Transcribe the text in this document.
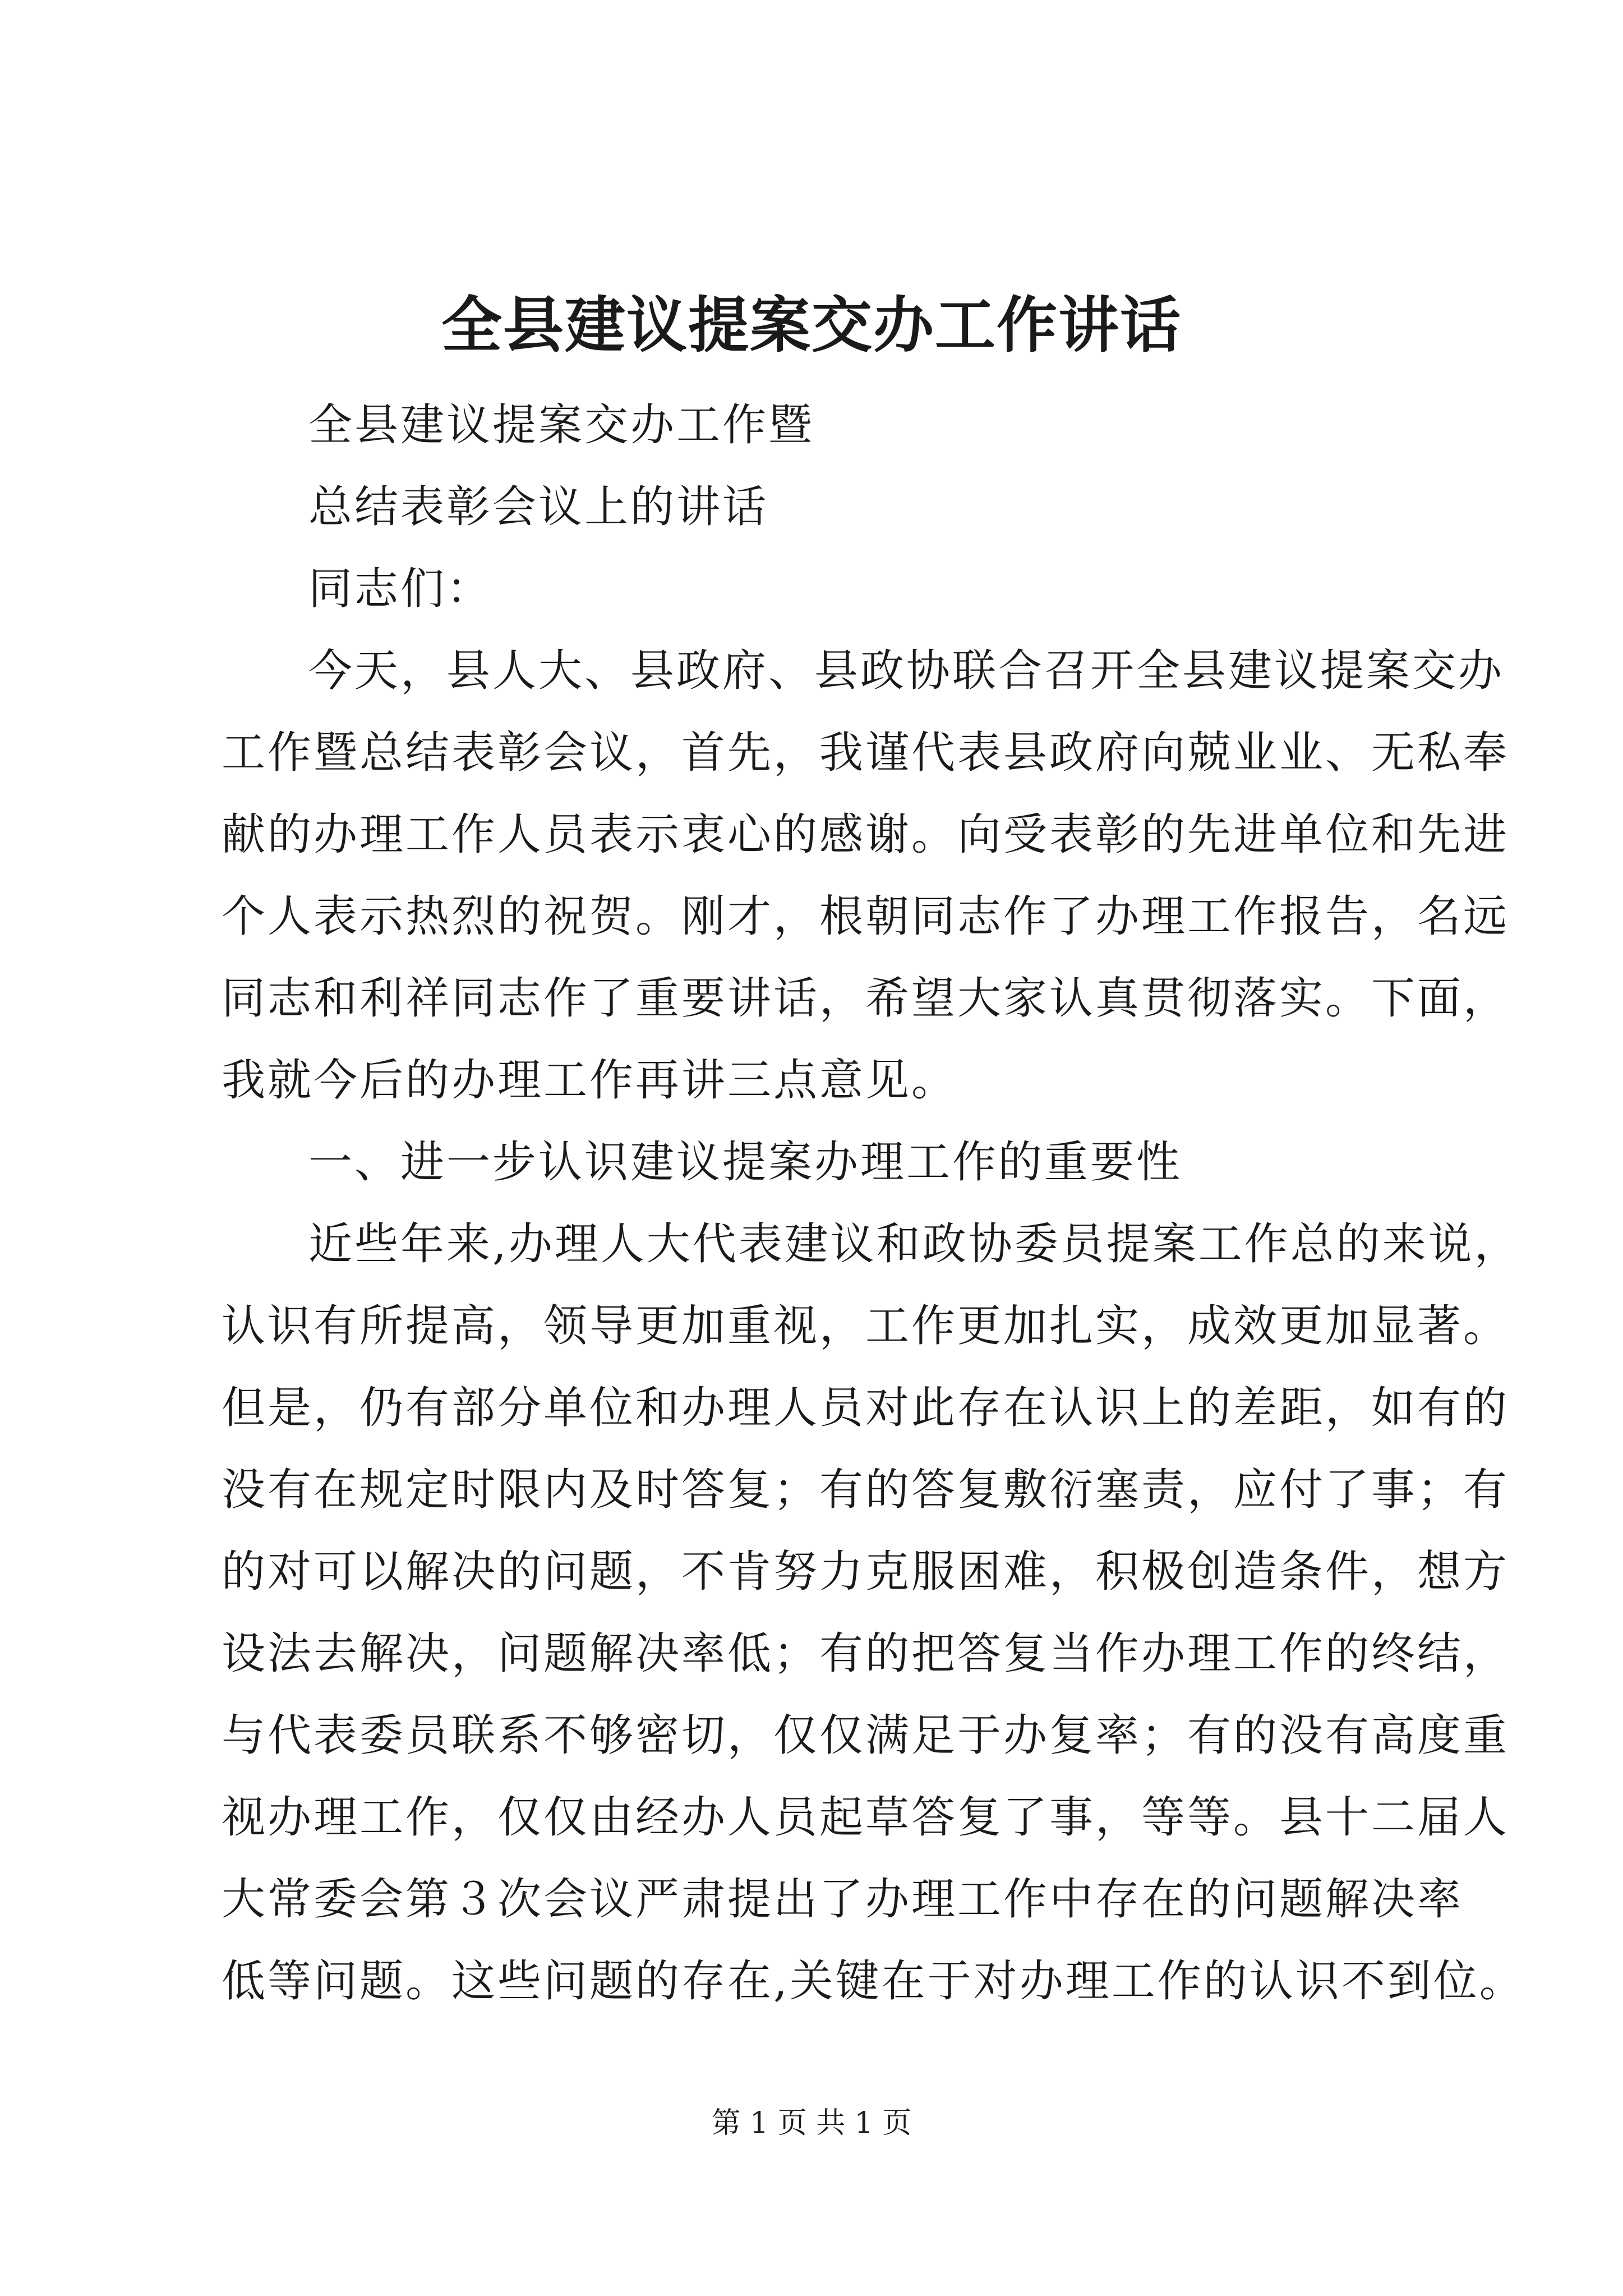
全县建议提案交办工作讲话
全县建议提案交办工作暨
总结表彰会议上的讲话
同志们：
今天，县人大、县政府、县政协联合召开全县建议提案交办
工作暨总结表彰会议，首先，我谨代表县政府向兢业业、无私奉
献的办理工作人员表示衷心的感谢。向受表彰的先进单位和先进
个人表示热烈的祝贺。刚才，根朝同志作了办理工作报告，名远
同志和利祥同志作了重要讲话，希望大家认真贯彻落实。下面，
我就今后的办理工作再讲三点意见。
一、进一步认识建议提案办理工作的重要性
近些年来,办理人大代表建议和政协委员提案工作总的来说，
认识有所提高，领导更加重视，工作更加扎实，成效更加显著。
但是，仍有部分单位和办理人员对此存在认识上的差距，如有的
没有在规定时限内及时答复；有的答复敷衍塞责，应付了事；有
的对可以解决的问题，不肯努力克服困难，积极创造条件，想方
设法去解决，问题解决率低；有的把答复当作办理工作的终结，
与代表委员联系不够密切，仅仅满足于办复率；有的没有高度重
视办理工作，仅仅由经办人员起草答复了事，等等。县十二届人
大常委会第３次会议严肃提出了办理工作中存在的问题解决率
低等问题。这些问题的存在,关键在于对办理工作的认识不到位。
第 1 页 共 1 页
